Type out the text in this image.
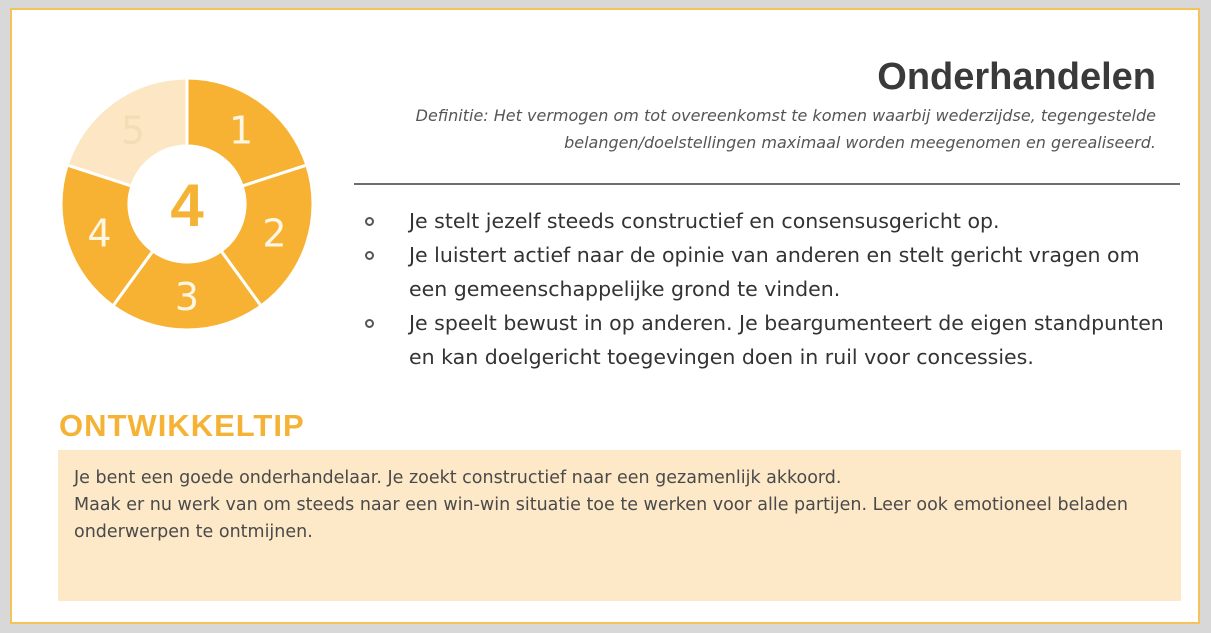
1
2
3
4
5
4
Onderhandelen

Definitie: Het vermogen om tot overeenkomst te komen waarbij wederzijdse, tegengestelde belangen/doelstellingen maximaal worden meegenomen en gerealiseerd.

Je stelt jezelf steeds constructief en consensusgericht op.
Je luistert actief naar de opinie van anderen en stelt gericht vragen om een gemeenschappelijke grond te vinden.
Je speelt bewust in op anderen. Je beargumenteert de eigen standpunten en kan doelgericht toegevingen doen in ruil voor concessies.
ONTWIKKELTIP

Je bent een goede onderhandelaar. Je zoekt constructief naar een gezamenlijk akkoord.

Maak er nu werk van om steeds naar een win-win situatie toe te werken voor alle partijen. Leer ook emotioneel beladen onderwerpen te ontmijnen.
